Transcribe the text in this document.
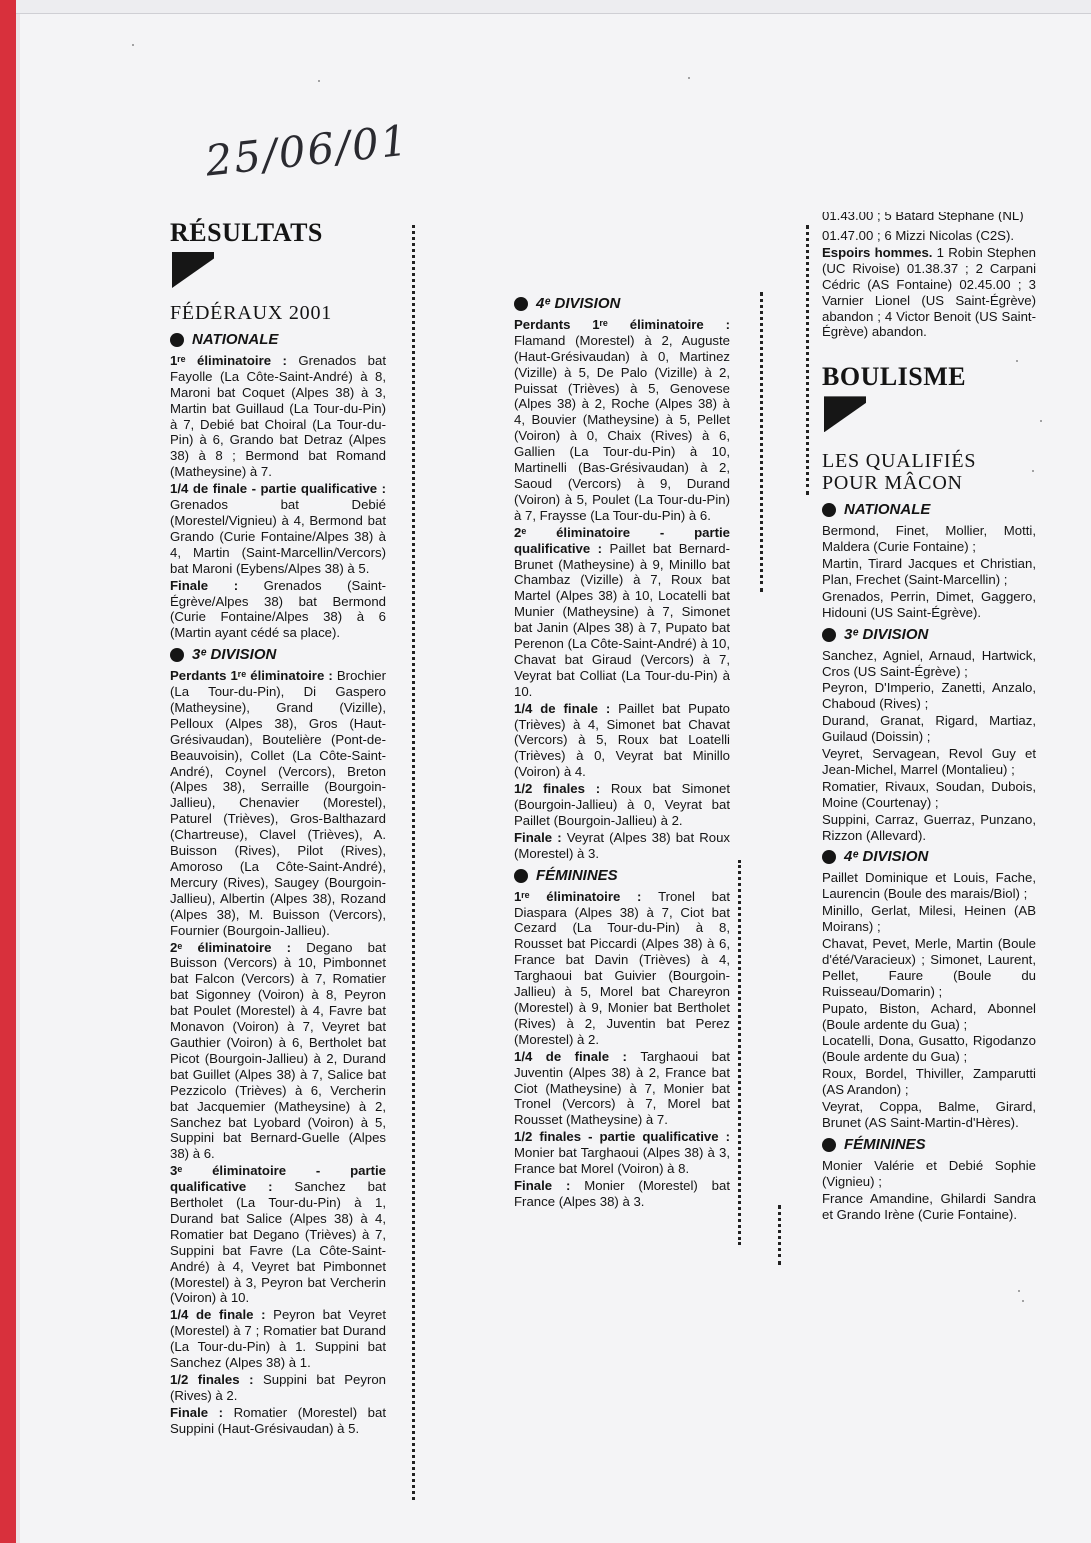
25/06/01
RÉSULTATS
FÉDÉRAUX 2001
NATIONALE

1ʳᵉ éliminatoire : Grenados bat Fayolle (La Côte-Saint-André) à 8, Maroni bat Coquet (Alpes 38) à 3, Martin bat Guillaud (La Tour-du-Pin) à 7, Debié bat Choiral (La Tour-du-Pin) à 6, Grando bat Detraz (Alpes 38) à 8 ; Bermond bat Romand (Matheysine) à 7.

1/4 de finale - partie qualificative : Grenados bat Debié (Morestel/Vignieu) à 4, Bermond bat Grando (Curie Fontaine/Alpes 38) à 4, Martin (Saint-Marcellin/Vercors) bat Maroni (Eybens/Alpes 38) à 5.

Finale : Grenados (Saint-Égrève/Alpes 38) bat Bermond (Curie Fontaine/Alpes 38) à 6 (Martin ayant cédé sa place).

3ᵉ DIVISION

Perdants 1ʳᵉ éliminatoire : Brochier (La Tour-du-Pin), Di Gaspero (Matheysine), Grand (Vizille), Pelloux (Alpes 38), Gros (Haut-Grésivaudan), Boutelière (Pont-de-Beauvoisin), Collet (La Côte-Saint-André), Coynel (Vercors), Breton (Alpes 38), Serraille (Bourgoin-Jallieu), Chenavier (Morestel), Paturel (Trièves), Gros-Balthazard (Chartreuse), Clavel (Trièves), A. Buisson (Rives), Pilot (Rives), Amoroso (La Côte-Saint-André), Mercury (Rives), Saugey (Bourgoin-Jallieu), Albertin (Alpes 38), Rozand (Alpes 38), M. Buisson (Vercors), Fournier (Bourgoin-Jallieu).

2ᵉ éliminatoire : Degano bat Buisson (Vercors) à 10, Pimbonnet bat Falcon (Vercors) à 7, Romatier bat Sigonney (Voiron) à 8, Peyron bat Poulet (Morestel) à 4, Favre bat Monavon (Voiron) à 7, Veyret bat Gauthier (Voiron) à 6, Bertholet bat Picot (Bourgoin-Jallieu) à 2, Durand bat Guillet (Alpes 38) à 7, Salice bat Pezzicolo (Trièves) à 6, Vercherin bat Jacquemier (Matheysine) à 2, Sanchez bat Lyobard (Voiron) à 5, Suppini bat Bernard-Guelle (Alpes 38) à 6.

3ᵉ éliminatoire - partie qualificative : Sanchez bat Bertholet (La Tour-du-Pin) à 1, Durand bat Salice (Alpes 38) à 4, Romatier bat Degano (Trièves) à 7, Suppini bat Favre (La Côte-Saint-André) à 4, Veyret bat Pimbonnet (Morestel) à 3, Peyron bat Vercherin (Voiron) à 10.

1/4 de finale : Peyron bat Veyret (Morestel) à 7 ; Romatier bat Durand (La Tour-du-Pin) à 1. Suppini bat Sanchez (Alpes 38) à 1.

1/2 finales : Suppini bat Peyron (Rives) à 2.

Finale : Romatier (Morestel) bat Suppini (Haut-Grésivaudan) à 5.

4ᵉ DIVISION

Perdants 1ʳᵉ éliminatoire : Flamand (Morestel) à 2, Auguste (Haut-Grésivaudan) à 0, Martinez (Vizille) à 5, De Palo (Vizille) à 2, Puissat (Trièves) à 5, Genovese (Alpes 38) à 2, Roche (Alpes 38) à 4, Bouvier (Matheysine) à 5, Pellet (Voiron) à 0, Chaix (Rives) à 6, Gallien (La Tour-du-Pin) à 10, Martinelli (Bas-Grésivaudan) à 2, Saoud (Vercors) à 9, Durand (Voiron) à 5, Poulet (La Tour-du-Pin) à 7, Fraysse (La Tour-du-Pin) à 6.

2ᵉ éliminatoire - partie qualificative : Paillet bat Bernard-Brunet (Matheysine) à 9, Minillo bat Chambaz (Vizille) à 7, Roux bat Martel (Alpes 38) à 10, Locatelli bat Munier (Matheysine) à 7, Simonet bat Janin (Alpes 38) à 7, Pupato bat Perenon (La Côte-Saint-André) à 10, Chavat bat Giraud (Vercors) à 7, Veyrat bat Colliat (La Tour-du-Pin) à 10.

1/4 de finale : Paillet bat Pupato (Trièves) à 4, Simonet bat Chavat (Vercors) à 5, Roux bat Loatelli (Trièves) à 0, Veyrat bat Minillo (Voiron) à 4.

1/2 finales : Roux bat Simonet (Bourgoin-Jallieu) à 0, Veyrat bat Paillet (Bourgoin-Jallieu) à 2.

Finale : Veyrat (Alpes 38) bat Roux (Morestel) à 3.

FÉMININES

1ʳᵉ éliminatoire : Tronel bat Diaspara (Alpes 38) à 7, Ciot bat Cezard (La Tour-du-Pin) à 8, Rousset bat Piccardi (Alpes 38) à 6, France bat Davin (Trièves) à 4, Targhaoui bat Guivier (Bourgoin-Jallieu) à 5, Morel bat Chareyron (Morestel) à 9, Monier bat Bertholet (Rives) à 2, Juventin bat Perez (Morestel) à 2.

1/4 de finale : Targhaoui bat Juventin (Alpes 38) à 2, France bat Ciot (Matheysine) à 7, Monier bat Tronel (Vercors) à 7, Morel bat Rousset (Matheysine) à 7.

1/2 finales - partie qualificative : Monier bat Targhaoui (Alpes 38) à 3, France bat Morel (Voiron) à 8.

Finale : Monier (Morestel) bat France (Alpes 38) à 3.

01.43.00 ; 5 Batard Stéphane (NL)

01.47.00 ; 6 Mizzi Nicolas (C2S).

Espoirs hommes. 1 Robin Stephen (UC Rivoise) 01.38.37 ; 2 Carpani Cédric (AS Fontaine) 02.45.00 ; 3 Varnier Lionel (US Saint-Égrève) abandon ; 4 Victor Benoit (US Saint-Égrève) abandon.

BOULISME
LES QUALIFIÉS
POUR MÂCON
NATIONALE

Bermond, Finet, Mollier, Motti, Maldera (Curie Fontaine) ;

Martin, Tirard Jacques et Christian, Plan, Frechet (Saint-Marcellin) ;

Grenados, Perrin, Dimet, Gaggero, Hidouni (US Saint-Égrève).

3ᵉ DIVISION

Sanchez, Agniel, Arnaud, Hartwick, Cros (US Saint-Égrève) ;

Peyron, D'Imperio, Zanetti, Anzalo, Chaboud (Rives) ;

Durand, Granat, Rigard, Martiaz, Guilaud (Doissin) ;

Veyret, Servagean, Revol Guy et Jean-Michel, Marrel (Montalieu) ;

Romatier, Rivaux, Soudan, Dubois, Moine (Courtenay) ;

Suppini, Carraz, Guerraz, Punzano, Rizzon (Allevard).

4ᵉ DIVISION

Paillet Dominique et Louis, Fache, Laurencin (Boule des marais/Biol) ;

Minillo, Gerlat, Milesi, Heinen (AB Moirans) ;

Chavat, Pevet, Merle, Martin (Boule d'été/Varacieux) ; Simonet, Laurent, Pellet, Faure (Boule du Ruisseau/Domarin) ;

Pupato, Biston, Achard, Abonnel (Boule ardente du Gua) ;

Locatelli, Dona, Gusatto, Rigodanzo (Boule ardente du Gua) ;

Roux, Bordel, Thiviller, Zamparutti (AS Arandon) ;

Veyrat, Coppa, Balme, Girard, Brunet (AS Saint-Martin-d'Hères).

FÉMININES

Monier Valérie et Debié Sophie (Vignieu) ;

France Amandine, Ghilardi Sandra et Grando Irène (Curie Fontaine).
